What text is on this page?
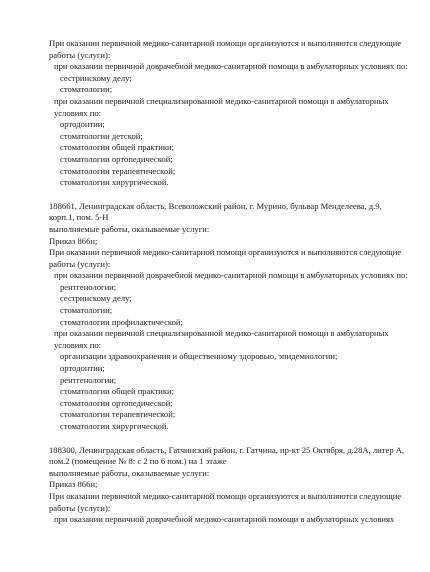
При оказании первичной медико-санитарной помощи организуются и выполняются следующие работы (услуги):

при оказании первичной доврачебной медико-санитарной помощи в амбулаторных условиях по:

сестринскому делу;

стоматологии;

при оказании первичной специализированной медико-санитарной помощи в амбулаторных условиях по:

ортодонтии;

стоматологии детской;

стоматологии общей практики;

стоматологии ортопедической;

стоматологии терапевтической;

стоматологии хирургической.

188661, Ленинградская область, Всеволожский район, г. Мурино, бульвар Менделеева, д.9, корп.1, пом. 5-Н

выполняемые работы, оказываемые услуги:

Приказ 866н;

При оказании первичной медико-санитарной помощи организуются и выполняются следующие работы (услуги):

при оказании первичной доврачебной медико-санитарной помощи в амбулаторных условиях по:

рентгенологии;

сестринскому делу;

стоматологии;

стоматологии профилактической;

при оказании первичной специализированной медико-санитарной помощи в амбулаторных условиях по:

организации здравоохранения и общественному здоровью, эпидемиологии;

ортодонтии;

рентгенологии;

стоматологии общей практики;

стоматологии ортопедической;

стоматологии терапевтической;

стоматологии хирургической.

188300, Ленинградская область, Гатчинский район, г. Гатчина, пр-кт 25 Октября, д.28А, литер А, пом.2 (помещение № 8: с 2 по 6 пом.) на 1 этаже

выполняемые работы, оказываемые услуги:

Приказ 866н;

При оказании первичной медико-санитарной помощи организуются и выполняются следующие работы (услуги):

при оказании первичной доврачебной медико-санитарной помощи в амбулаторных условиях
